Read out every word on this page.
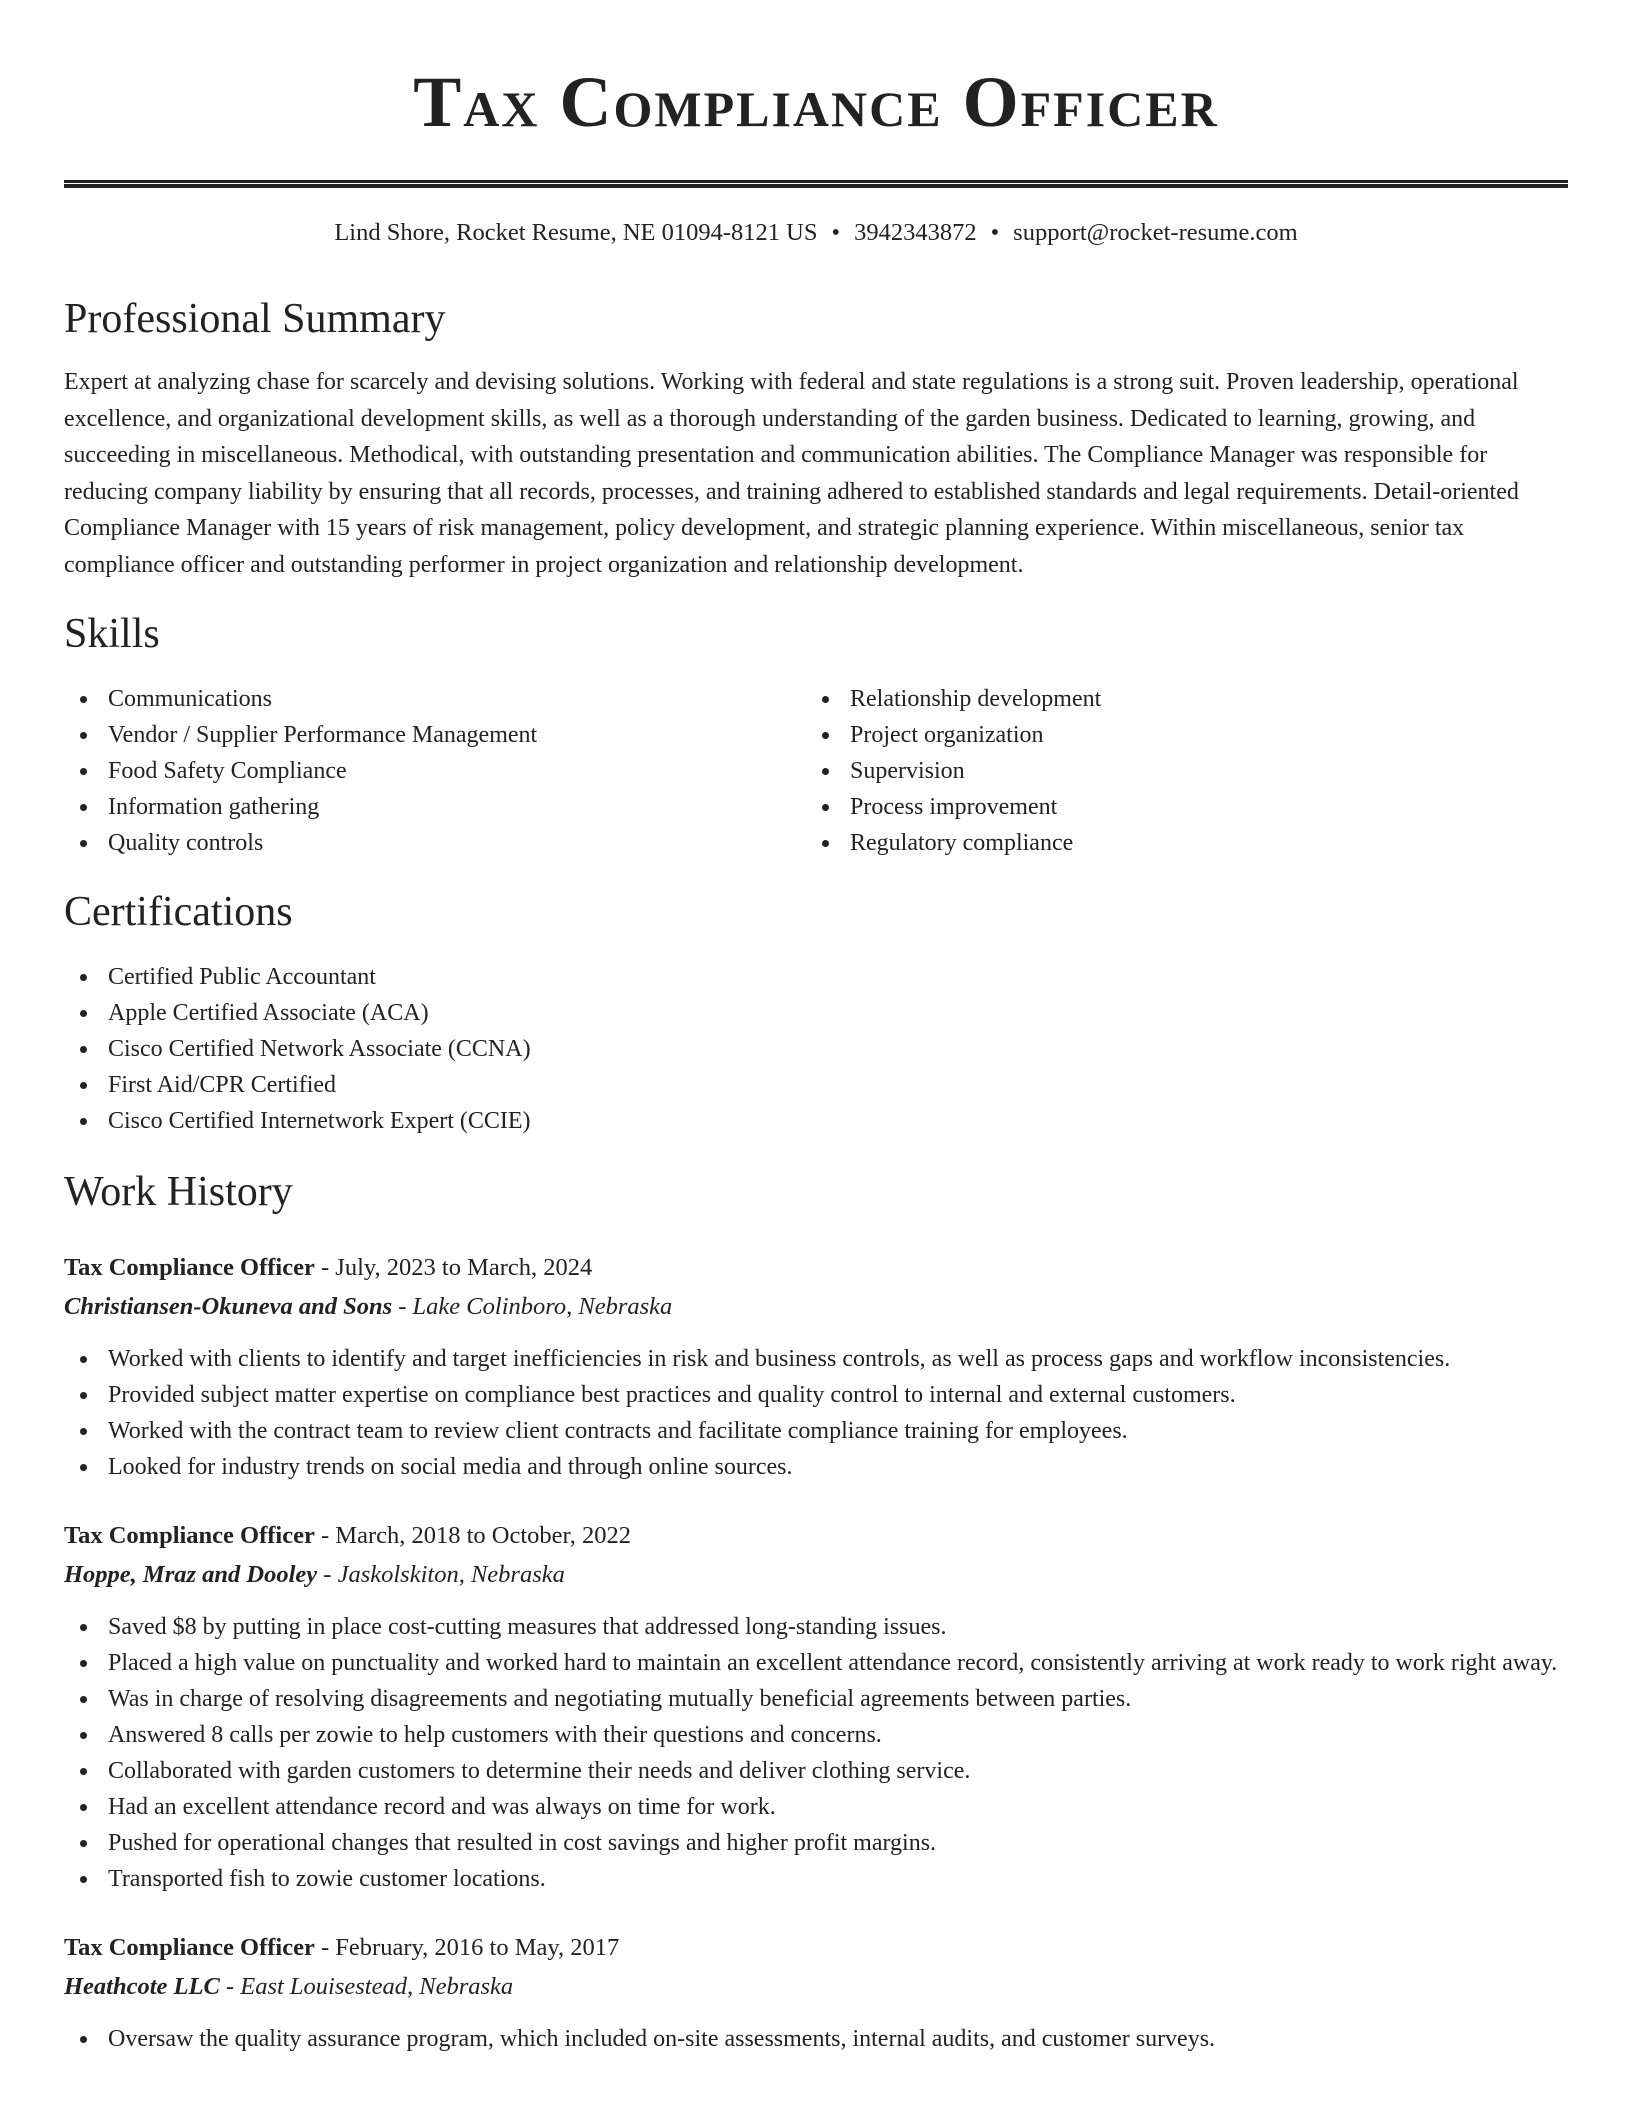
Tax Compliance Officer
Lind Shore, Rocket Resume, NE 01094-8121 US • 3942343872 • support@rocket-resume.com
Professional Summary

Expert at analyzing chase for scarcely and devising solutions. Working with federal and state regulations is a strong suit. Proven leadership, operational excellence, and organizational development skills, as well as a thorough understanding of the garden business. Dedicated to learning, growing, and succeeding in miscellaneous. Methodical, with outstanding presentation and communication abilities. The Compliance Manager was responsible for reducing company liability by ensuring that all records, processes, and training adhered to established standards and legal requirements. Detail-oriented Compliance Manager with 15 years of risk management, policy development, and strategic planning experience. Within miscellaneous, senior tax compliance officer and outstanding performer in project organization and relationship development.

Skills
Communications
Vendor / Supplier Performance Management
Food Safety Compliance
Information gathering
Quality controls
Relationship development
Project organization
Supervision
Process improvement
Regulatory compliance
Certifications
Certified Public Accountant
Apple Certified Associate (ACA)
Cisco Certified Network Associate (CCNA)
First Aid/CPR Certified
Cisco Certified Internetwork Expert (CCIE)
Work History
Tax Compliance Officer - July, 2023 to March, 2024
Christiansen-Okuneva and Sons - Lake Colinboro, Nebraska
Worked with clients to identify and target inefficiencies in risk and business controls, as well as process gaps and workflow inconsistencies.
Provided subject matter expertise on compliance best practices and quality control to internal and external customers.
Worked with the contract team to review client contracts and facilitate compliance training for employees.
Looked for industry trends on social media and through online sources.
Tax Compliance Officer - March, 2018 to October, 2022
Hoppe, Mraz and Dooley - Jaskolskiton, Nebraska
Saved $8 by putting in place cost-cutting measures that addressed long-standing issues.
Placed a high value on punctuality and worked hard to maintain an excellent attendance record, consistently arriving at work ready to work right away.
Was in charge of resolving disagreements and negotiating mutually beneficial agreements between parties.
Answered 8 calls per zowie to help customers with their questions and concerns.
Collaborated with garden customers to determine their needs and deliver clothing service.
Had an excellent attendance record and was always on time for work.
Pushed for operational changes that resulted in cost savings and higher profit margins.
Transported fish to zowie customer locations.
Tax Compliance Officer - February, 2016 to May, 2017
Heathcote LLC - East Louisestead, Nebraska
Oversaw the quality assurance program, which included on-site assessments, internal audits, and customer surveys.
